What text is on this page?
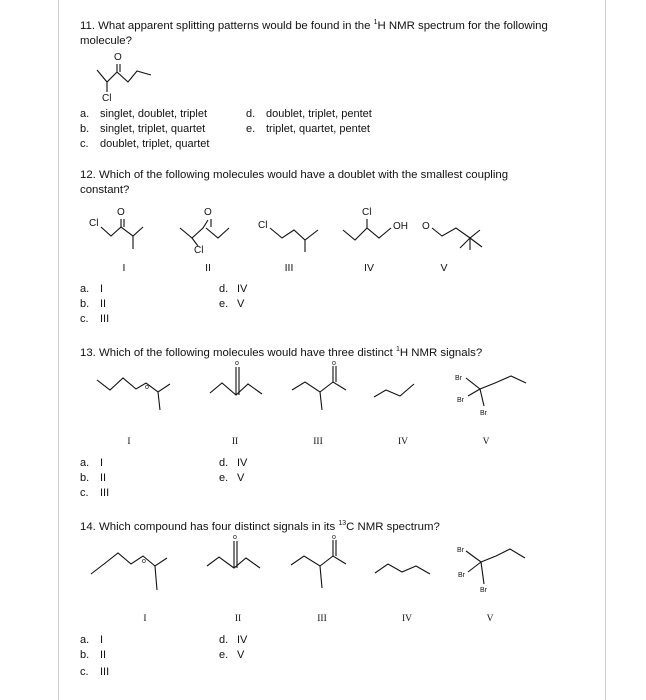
11 . What apparent splitting patterns would be found in the $^1$H NMR spectrum for the following molecule?
O
Cl
a. singlet, doublet, triplet
b. singlet, triplet, quartet
c. doublet, triplet, quartet
d. doublet, triplet, pentet
e. triplet, quartet, pentet
12 . Which of the following molecules would have a doublet with the smallest coupling constant?
Cl
O	O
Cl
Cl
Cl
OH O
I	II	III	IV	V
a. I
b. II
c. III
d. IV
e. V
13 . Which of the following molecules would have three distinct $^1$H NMR signals?
o
o	o
Br
Br
Br
I	II	III	IV	V
a. I
b. II
c. III
d. IV
e. V
14 . Which compound has four distinct signals in its $^{13}$C NMR spectrum?
o
o	o
Br
Br
Br
I	II	III	IV	V
a. I
b. II
c. III
d. IV
e. V
